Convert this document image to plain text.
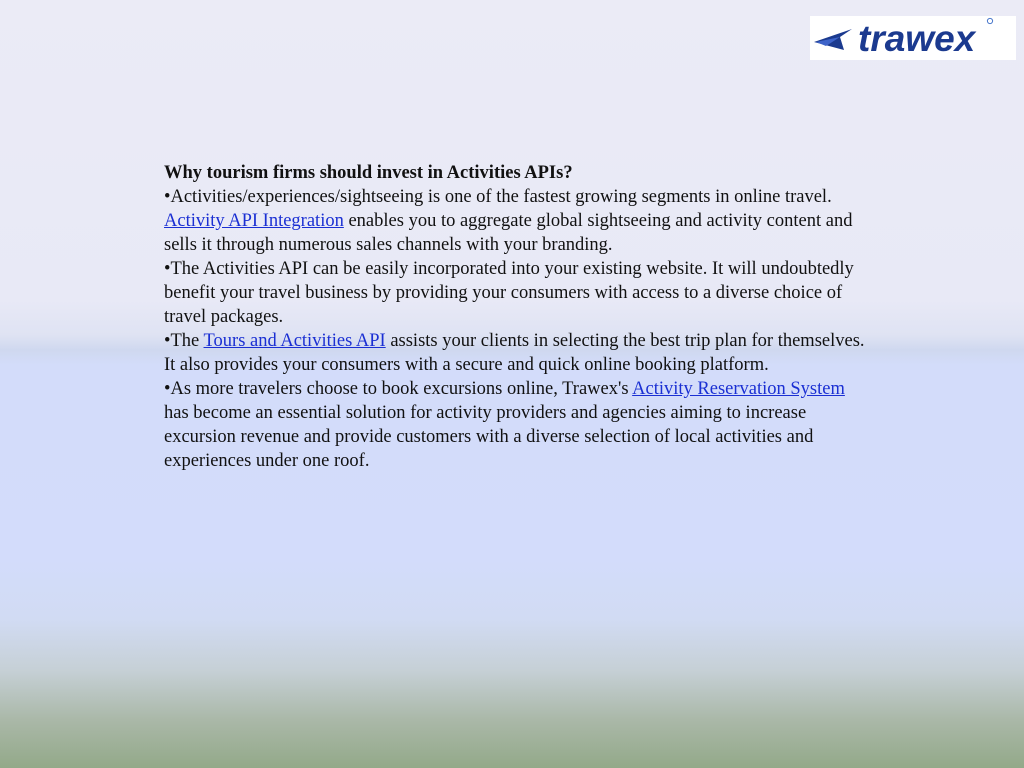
trawex

Why tourism firms should invest in Activities APIs?

•Activities/experiences/sightseeing is one of the fastest growing segments in online travel. Activity API Integration enables you to aggregate global sightseeing and activity content and sells it through numerous sales channels with your branding.

•The Activities API can be easily incorporated into your existing website. It will undoubtedly benefit your travel business by providing your consumers with access to a diverse choice of travel packages.

•The Tours and Activities API assists your clients in selecting the best trip plan for themselves. It also provides your consumers with a secure and quick online booking platform.

•As more travelers choose to book excursions online, Trawex's Activity Reservation System has become an essential solution for activity providers and agencies aiming to increase excursion revenue and provide customers with a diverse selection of local activities and experiences under one roof.
